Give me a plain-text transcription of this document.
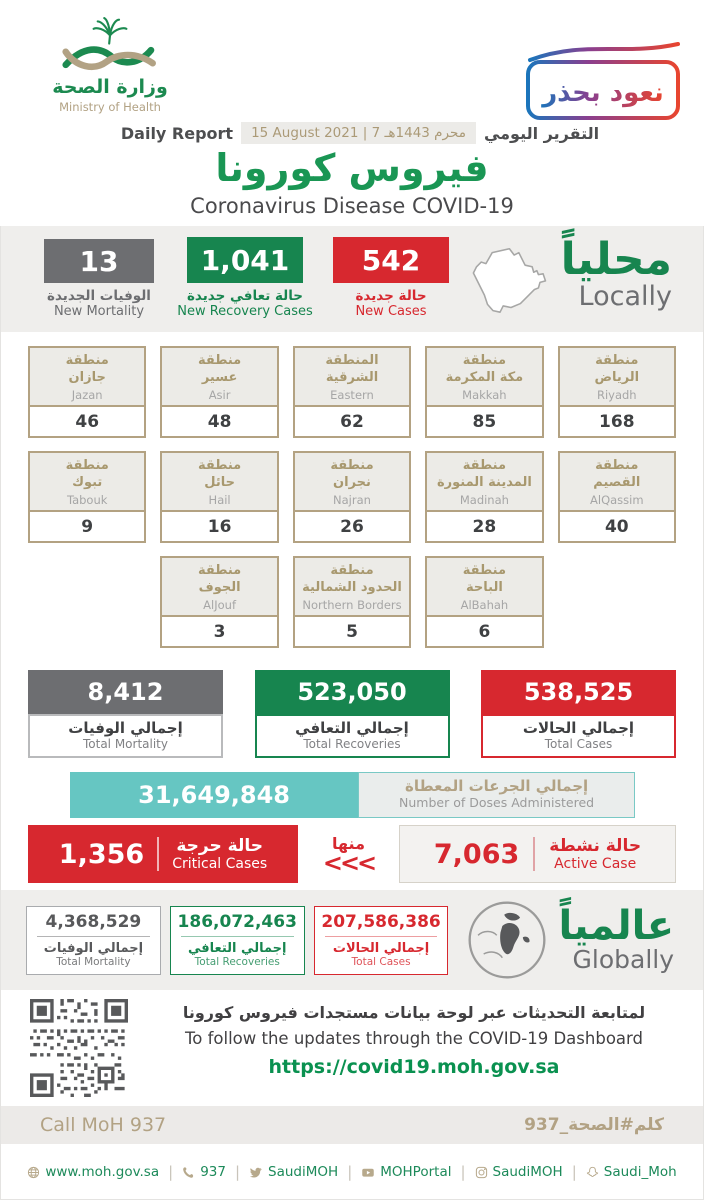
وزارة الصحة
Ministry of Health	نعود بحذر
Daily Report	15 August 2021 | 7 محرم 1443هـ	التقرير اليومي
فيروس كورونا
Coronavirus Disease COVID-19
13
الوفيات الجديدة
New Mortality
1,041
حالة تعافي جديدة
New Recovery Cases
542
حالة جديدة
New Cases
محلياً
Locally
منطقة
جازان
Jazan
46
منطقة
عسير
Asir
48
المنطقة
الشرقية
Eastern
62
منطقة
مكة المكرمة
Makkah
85
منطقة
الرياض
Riyadh
168
منطقة
تبوك
Tabouk
9
منطقة
حائل
Hail
16
منطقة
نجران
Najran
26
منطقة
المدينة المنورة
Madinah
28
منطقة
القصيم
AlQassim
40
منطقة
الجوف
AlJouf
3
منطقة
الحدود الشمالية
Northern Borders
5
منطقة
الباحة
AlBahah
6
8,412
إجمالي الوفيات
Total Mortality
523,050
إجمالي التعافي
Total Recoveries
538,525
إجمالي الحالات
Total Cases
31,649,848	إجمالي الجرعات المعطاة
Number of Doses Administered
1,356 حالة حرجة
Critical Cases
منها
<<< 7,063 حالة نشطة
Active Case
4,368,529
إجمالي الوفيات
Total Mortality
186,072,463
إجمالي التعافي
Total Recoveries
207,586,386
إجمالي الحالات
Total Cases
عالمياً
Globally
لمتابعة التحديثات عبر لوحة بيانات مستجدات فيروس كورونا
To follow the updates through the COVID-19 Dashboard
https://covid19.moh.gov.sa
Call MoH 937	كلم#الصحة_937
www.moh.gov.sa | 937 | SaudiMOH | MOHPortal | SaudiMOH | Saudi_Moh
